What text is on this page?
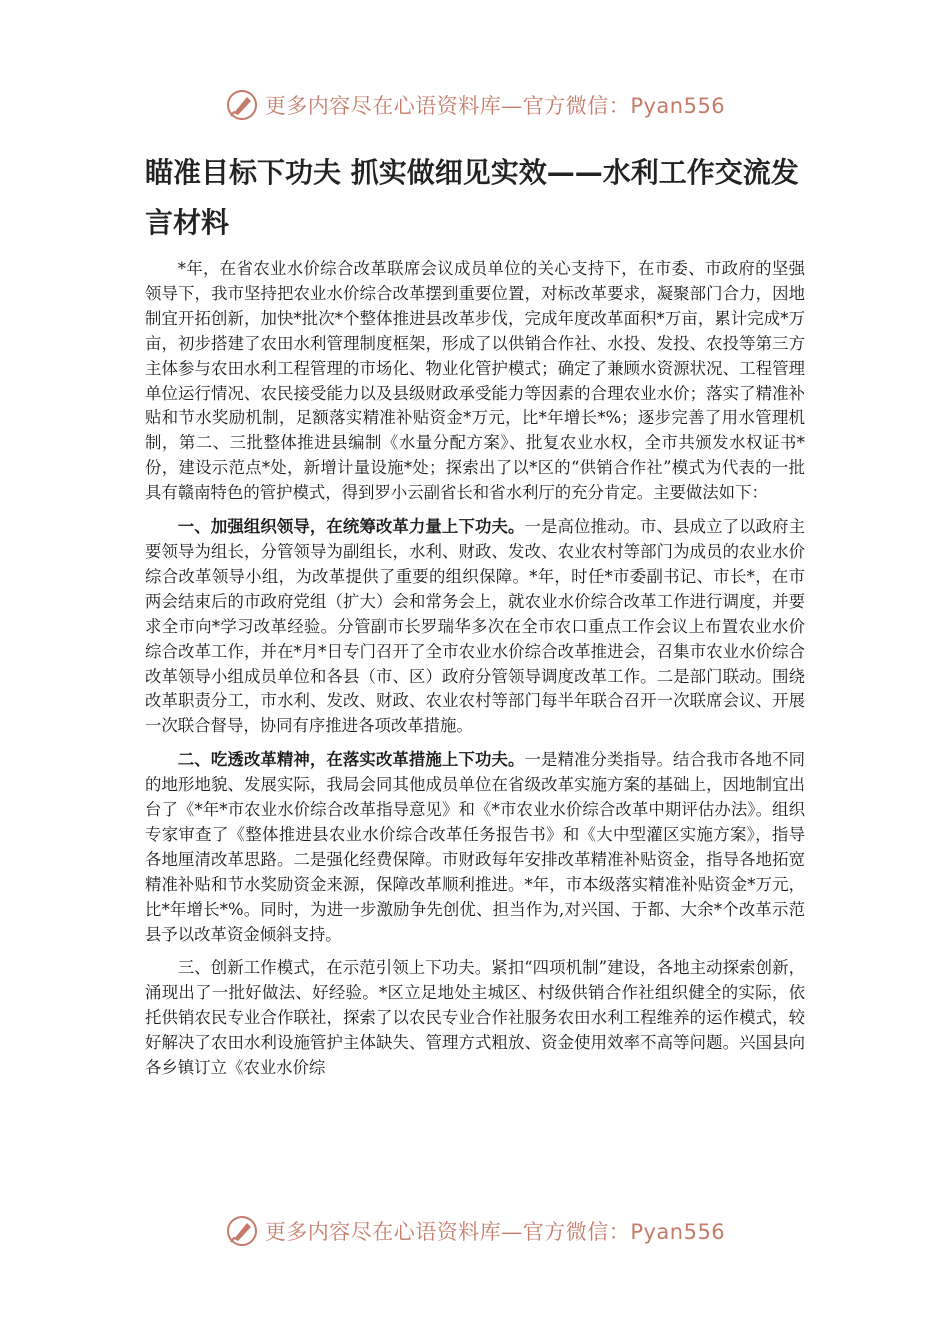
更多内容尽在心语资料库—官方微信：Pyan556
瞄准目标下功夫 抓实做细见实效——水利工作交流发言材料

*年，在省农业水价综合改革联席会议成员单位的关心支持下，在市委、市政府的坚强领导下，我市坚持把农业水价综合改革摆到重要位置，对标改革要求，凝聚部门合力，因地制宜开拓创新，加快*批次*个整体推进县改革步伐，完成年度改革面积*万亩，累计完成*万亩，初步搭建了农田水利管理制度框架，形成了以供销合作社、水投、发投、农投等第三方主体参与农田水利工程管理的市场化、物业化管护模式；确定了兼顾水资源状况、工程管理单位运行情况、农民接受能力以及县级财政承受能力等因素的合理农业水价；落实了精准补贴和节水奖励机制，足额落实精准补贴资金*万元，比*年增长*%；逐步完善了用水管理机制，第二、三批整体推进县编制《水量分配方案》、批复农业水权，全市共颁发水权证书*份，建设示范点*处，新增计量设施*处；探索出了以*区的“供销合作社”模式为代表的一批具有赣南特色的管护模式，得到罗小云副省长和省水利厅的充分肯定。主要做法如下：

一、加强组织领导，在统筹改革力量上下功夫。一是高位推动。市、县成立了以政府主要领导为组长，分管领导为副组长，水利、财政、发改、农业农村等部门为成员的农业水价综合改革领导小组，为改革提供了重要的组织保障。*年，时任*市委副书记、市长*，在市两会结束后的市政府党组（扩大）会和常务会上，就农业水价综合改革工作进行调度，并要求全市向*学习改革经验。分管副市长罗瑞华多次在全市农口重点工作会议上布置农业水价综合改革工作，并在*月*日专门召开了全市农业水价综合改革推进会，召集市农业水价综合改革领导小组成员单位和各县（市、区）政府分管领导调度改革工作。二是部门联动。围绕改革职责分工，市水利、发改、财政、农业农村等部门每半年联合召开一次联席会议、开展一次联合督导，协同有序推进各项改革措施。

二、吃透改革精神，在落实改革措施上下功夫。一是精准分类指导。结合我市各地不同的地形地貌、发展实际，我局会同其他成员单位在省级改革实施方案的基础上，因地制宜出台了《*年*市农业水价综合改革指导意见》和《*市农业水价综合改革中期评估办法》。组织专家审查了《整体推进县农业水价综合改革任务报告书》和《大中型灌区实施方案》，指导各地厘清改革思路。二是强化经费保障。市财政每年安排改革精准补贴资金，指导各地拓宽精准补贴和节水奖励资金来源，保障改革顺利推进。*年，市本级落实精准补贴资金*万元，比*年增长*%。同时，为进一步激励争先创优、担当作为,对兴国、于都、大余*个改革示范县予以改革资金倾斜支持。

三、创新工作模式，在示范引领上下功夫。紧扣“四项机制”建设，各地主动探索创新，涌现出了一批好做法、好经验。*区立足地处主城区、村级供销合作社组织健全的实际，依托供销农民专业合作联社，探索了以农民专业合作社服务农田水利工程维养的运作模式，较好解决了农田水利设施管护主体缺失、管理方式粗放、资金使用效率不高等问题。兴国县向各乡镇订立《农业水价综

更多内容尽在心语资料库—官方微信：Pyan556
